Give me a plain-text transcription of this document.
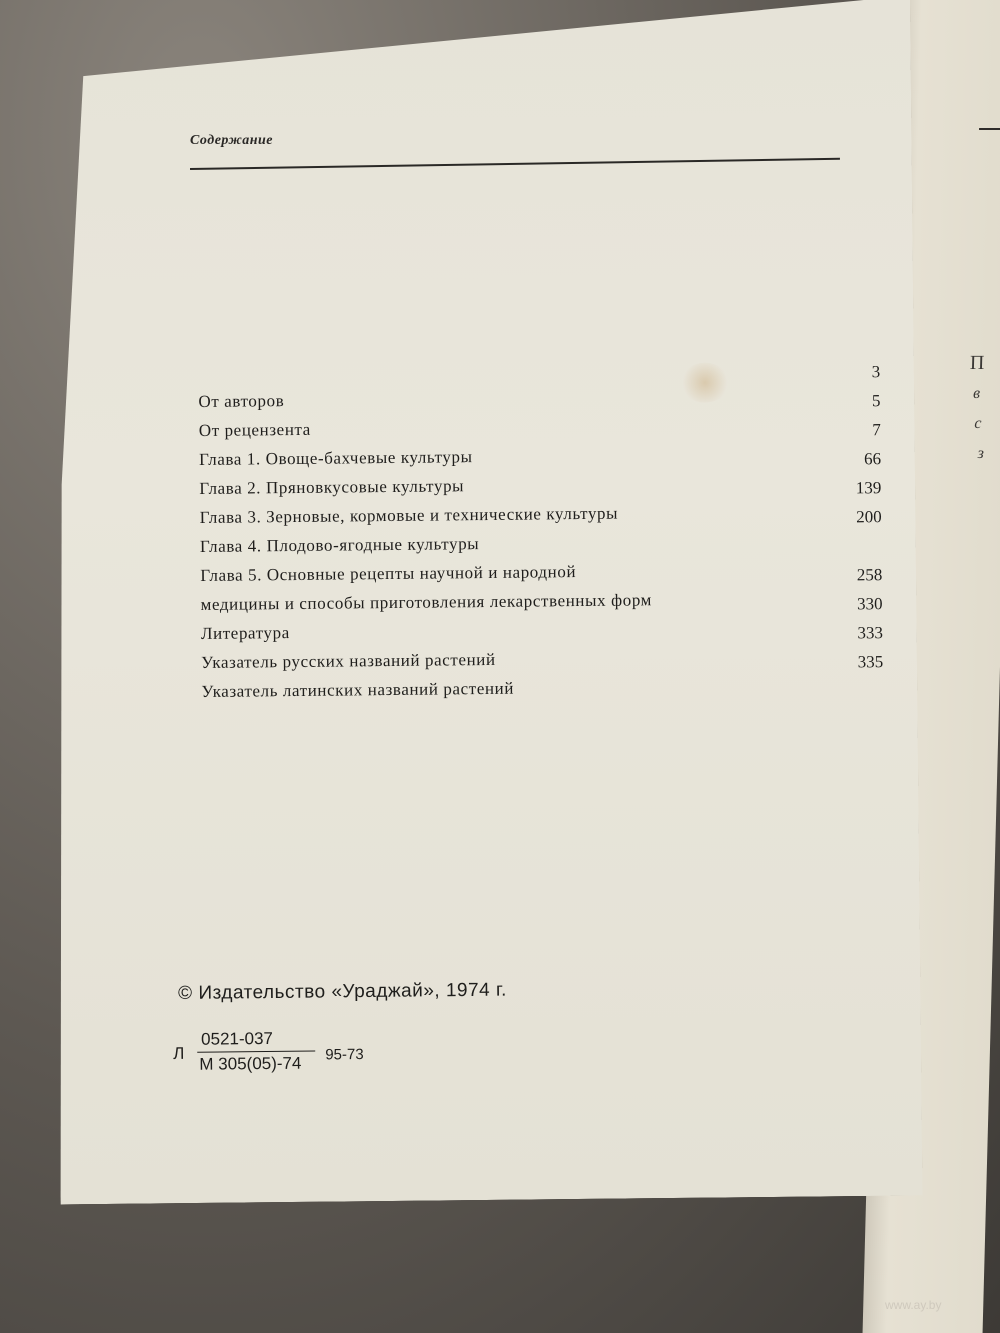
П
в
с
з
Содержание
От авторов
От рецензента
Глава 1. Овоще-бахчевые культуры
Глава 2. Пряновкусовые культуры
Глава 3. Зерновые, кормовые и технические культуры
Глава 4. Плодово-ягодные культуры
Глава 5. Основные рецепты научной и народной
медицины и способы приготовления лекарственных форм
Литература
Указатель русских названий растений
Указатель латинских названий растений
3
5
7
66
139
200
258
330
333
335
© Издательство «Ураджай», 1974 г.
Л
0521-037
М 305(05)-74	95-73
www.ay.by
